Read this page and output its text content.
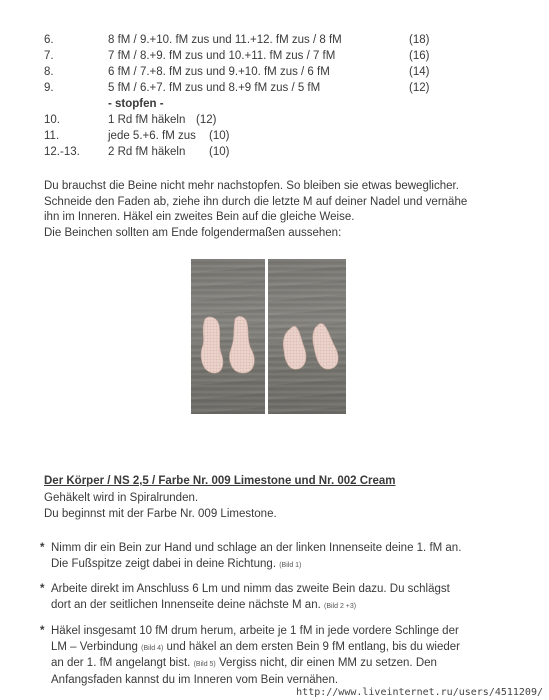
6.	8 fM / 9.+10. fM zus und 11.+12. fM zus / 8 fM	(18)
7.	7 fM / 8.+9. fM zus und 10.+11. fM zus / 7 fM	(16)
8.	6 fM / 7.+8. fM zus und 9.+10. fM zus / 6 fM	(14)
9.	5 fM / 6.+7. fM zus und 8.+9 fM zus / 5 fM	(12)
- stopfen -
10.	1 Rd fM häkeln (12)
11.	jede 5.+6. fM zus (10)
12.-13. 2 Rd fM häkeln (10)
Du brauchst die Beine nicht mehr nachstopfen. So bleiben sie etwas beweglicher.
Schneide den Faden ab, ziehe ihn durch die letzte M auf deiner Nadel und vernähe
ihn im Inneren. Häkel ein zweites Bein auf die gleiche Weise.
Die Beinchen sollten am Ende folgendermaßen aussehen:
Der Körper / NS 2,5 / Farbe Nr. 009 Limestone und Nr. 002 Cream
Gehäkelt wird in Spiralrunden.
Du beginnst mit der Farbe Nr. 009 Limestone.
* Nimm dir ein Bein zur Hand und schlage an der linken Innenseite deine 1. fM an.
Die Fußspitze zeigt dabei in deine Richtung. (Bild 1)
* Arbeite direkt im Anschluss 6 Lm und nimm das zweite Bein dazu. Du schlägst
dort an der seitlichen Innenseite deine nächste M an. (Bild 2 +3)
* Häkel insgesamt 10 fM drum herum, arbeite je 1 fM in jede vordere Schlinge der
LM – Verbindung (Bild 4) und häkel an dem ersten Bein 9 fM entlang, bis du wieder
an der 1. fM angelangt bist. (Bild 5) Vergiss nicht, dir einen MM zu setzen. Den
Anfangsfaden kannst du im Inneren vom Bein vernähen.
http://www.liveinternet.ru/users/4511209/
